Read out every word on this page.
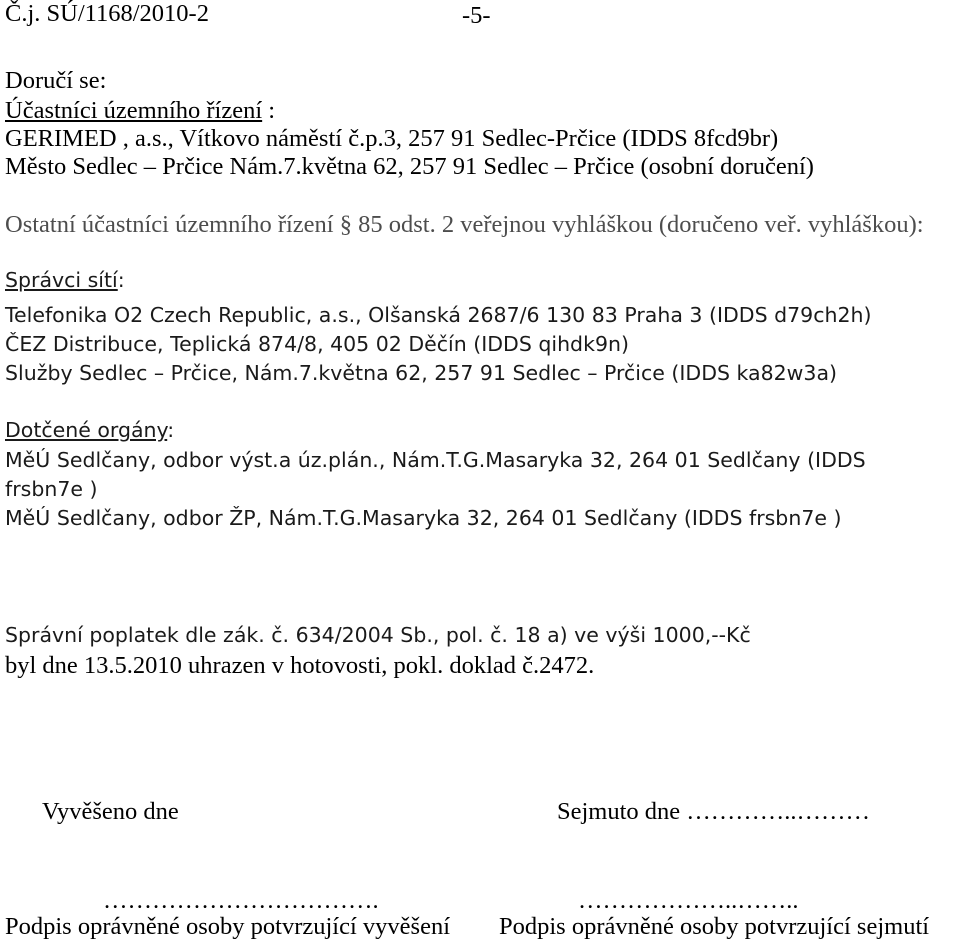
Č.j. SÚ/1168/2010-2	-5-
Doručí se:
Účastníci územního řízení :
GERIMED , a.s., Vítkovo náměstí č.p.3, 257 91 Sedlec-Prčice (IDDS 8fcd9br)
Město Sedlec – Prčice Nám.7.května 62, 257 91 Sedlec – Prčice (osobní doručení)
Ostatní účastníci územního řízení § 85 odst. 2 veřejnou vyhláškou (doručeno veř. vyhláškou):
Správci sítí:
Telefonika O2 Czech Republic, a.s., Olšanská 2687/6 130 83 Praha 3 (IDDS d79ch2h)
ČEZ Distribuce, Teplická 874/8, 405 02 Děčín (IDDS qihdk9n)
Služby Sedlec – Prčice, Nám.7.května 62, 257 91 Sedlec – Prčice (IDDS ka82w3a)
Dotčené orgány:
MěÚ Sedlčany, odbor výst.a úz.plán., Nám.T.G.Masaryka 32, 264 01 Sedlčany (IDDS
frsbn7e )
MěÚ Sedlčany, odbor ŽP, Nám.T.G.Masaryka 32, 264 01 Sedlčany (IDDS frsbn7e )
Správní poplatek dle zák. č. 634/2004 Sb., pol. č. 18 a) ve výši 1000,--Kč
byl dne 13.5.2010 uhrazen v hotovosti, pokl. doklad č.2472.
Vyvěšeno dne	Sejmuto dne …………..………
…………………………….	………………..……..
Podpis oprávněné osoby potvrzující vyvěšení Podpis oprávněné osoby potvrzující sejmutí
